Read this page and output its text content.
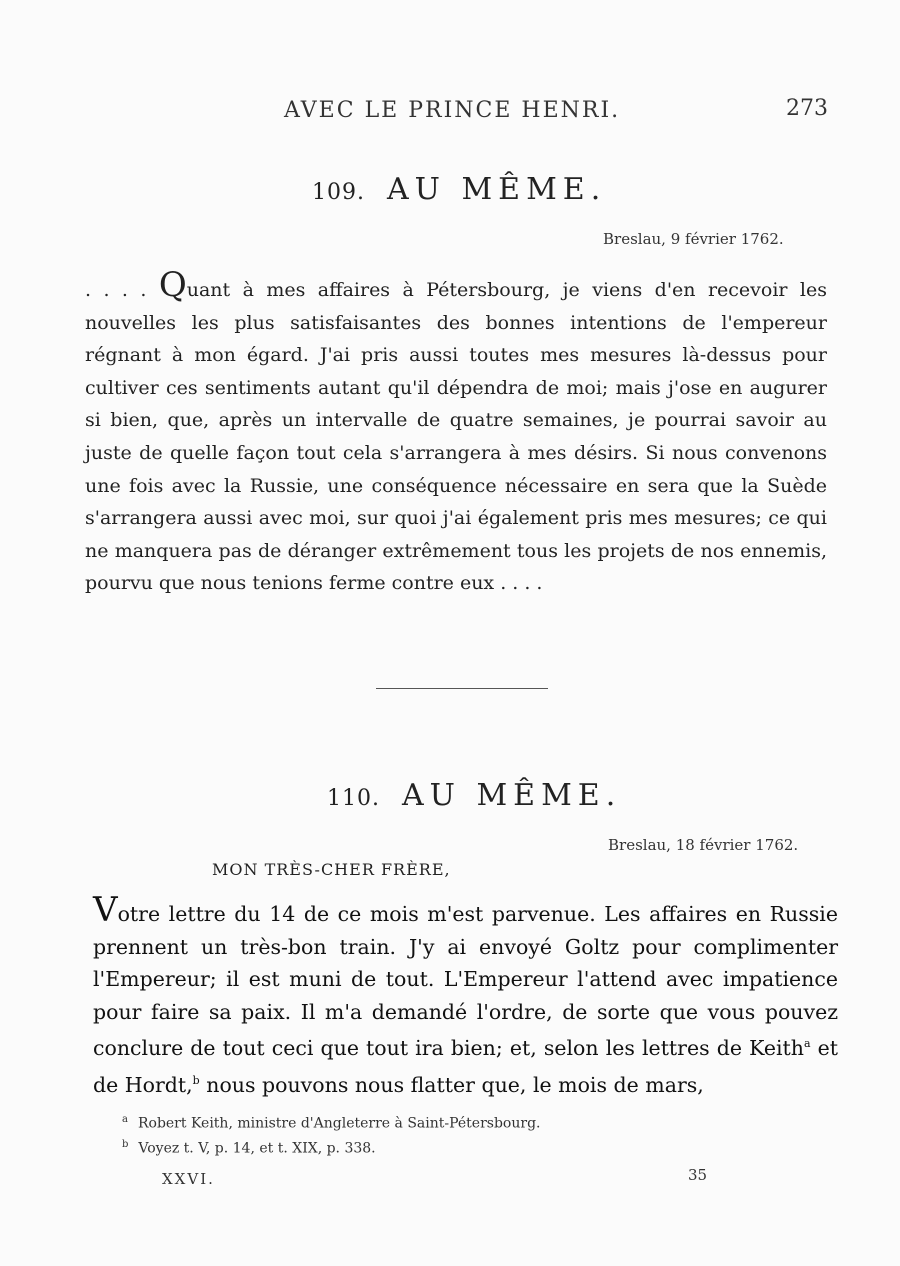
AVEC LE PRINCE HENRI.	273
109. AU MÊME.
Breslau, 9 février 1762.
. . . . Quant à mes affaires à Pétersbourg, je viens d'en recevoir les nouvelles les plus satisfaisantes des bonnes intentions de l'empereur régnant à mon égard. J'ai pris aussi toutes mes mesures là-dessus pour cultiver ces sentiments autant qu'il dépendra de moi; mais j'ose en augurer si bien, que, après un intervalle de quatre semaines, je pourrai savoir au juste de quelle façon tout cela s'arrangera à mes désirs. Si nous convenons une fois avec la Russie, une conséquence nécessaire en sera que la Suède s'arrangera aussi avec moi, sur quoi j'ai également pris mes mesures; ce qui ne manquera pas de déranger extrêmement tous les projets de nos ennemis, pourvu que nous tenions ferme contre eux . . . .
110. AU MÊME.
Breslau, 18 février 1762.
MON TRÈS-CHER FRÈRE,
Votre lettre du 14 de ce mois m'est parvenue. Les affaires en Russie prennent un très-bon train. J'y ai envoyé Goltz pour complimenter l'Empereur; il est muni de tout. L'Empereur l'attend avec impatience pour faire sa paix. Il m'a demandé l'ordre, de sorte que vous pouvez conclure de tout ceci que tout ira bien; et, selon les lettres de Keith$^a$ et de Hordt,$^b$ nous pouvons nous flatter que, le mois de mars,
$^a$ Robert Keith, ministre d'Angleterre à Saint-Pétersbourg.
$^b$ Voyez t. V, p. 14, et t. XIX, p. 338.
XXVI.	35
